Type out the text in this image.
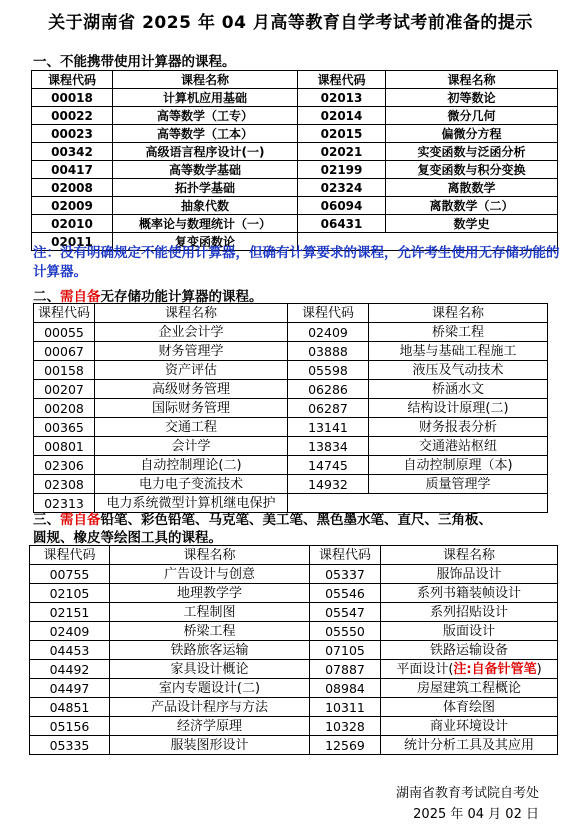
关于湖南省 2025 年 04 月高等教育自学考试考前准备的提示
一、不能携带使用计算器的课程。
课程代码	课程名称	课程代码	课程名称
00018	计算机应用基础	02013	初等数论
00022	高等数学（工专）	02014	微分几何
00023	高等数学（工本）	02015	偏微分方程
00342	高级语言程序设计(一)	02021	实变函数与泛函分析
00417	高等数学基础	02199	复变函数与积分变换
02008	拓扑学基础	02324	离散数学
02009	抽象代数	06094	离散数学（二）
02010	概率论与数理统计（一）	06431	数学史
02011	复变函数论		
注：没有明确规定不能使用计算器，但确有计算要求的课程，允许考生使用无存储功能的计算器。
二、需自备无存储功能计算器的课程。
课程代码	课程名称	课程代码	课程名称
00055	企业会计学	02409	桥梁工程
00067	财务管理学	03888	地基与基础工程施工
00158	资产评估	05598	液压及气动技术
00207	高级财务管理	06286	桥涵水文
00208	国际财务管理	06287	结构设计原理(二)
00365	交通工程	13141	财务报表分析
00801	会计学	13834	交通港站枢纽
02306	自动控制理论(二)	14745	自动控制原理（本)
02308	电力电子变流技术	14932	质量管理学
02313	电力系统微型计算机继电保护		
三、需自备铅笔、彩色铅笔、马克笔、美工笔、黑色墨水笔、直尺、三角板、
圆规、橡皮等绘图工具的课程。
课程代码	课程名称	课程代码	课程名称
00755	广告设计与创意	05337	服饰品设计
02105	地理教学学	05546	系列书籍装帧设计
02151	工程制图	05547	系列招贴设计
02409	桥梁工程	05550	版面设计
04453	铁路旅客运输	07105	铁路运输设备
04492	家具设计概论	07887	平面设计(注:自备针管笔)
04497	室内专题设计(二)	08984	房屋建筑工程概论
04851	产品设计程序与方法	10311	体育绘图
05156	经济学原理	10328	商业环境设计
05335	服装图形设计	12569	统计分析工具及其应用
湖南省教育考试院自考处
2025 年 04 月 02 日
